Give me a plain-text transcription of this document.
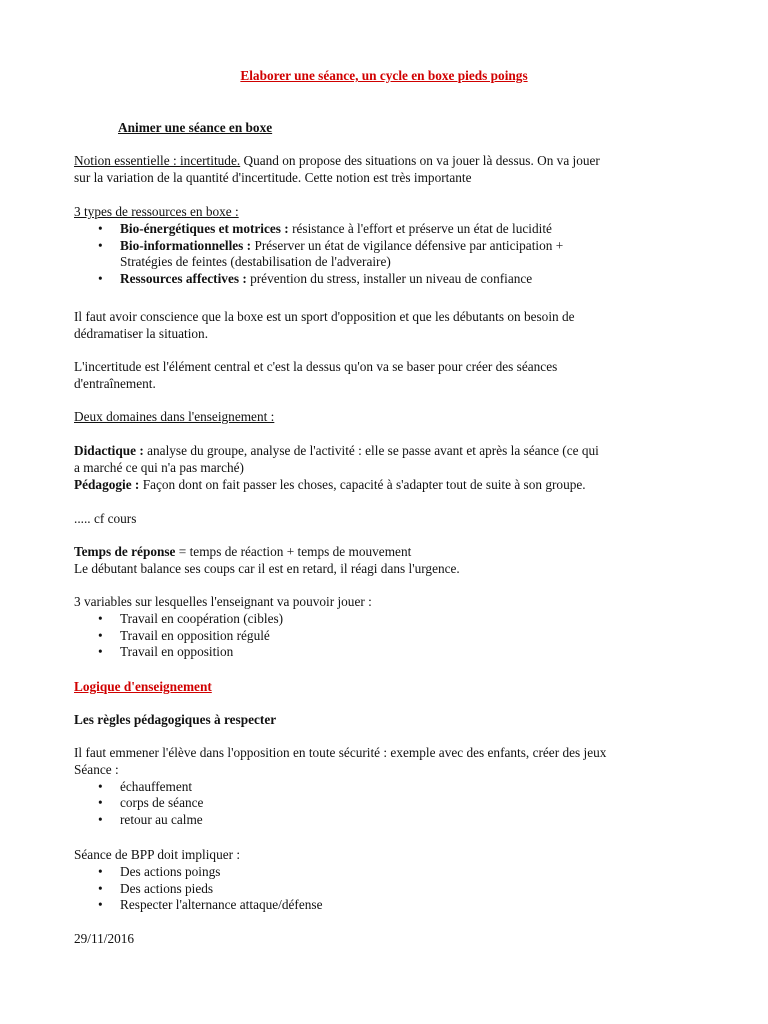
Elaborer une séance, un cycle en boxe pieds poings
Animer une séance en boxe
Notion essentielle : incertitude. Quand on propose des situations on va jouer là dessus. On va jouer
sur la variation de la quantité d'incertitude. Cette notion est très importante
3 types de ressources en boxe :
• Bio-énergétiques et motrices : résistance à l'effort et préserve un état de lucidité
• Bio-informationnelles : Préserver un état de vigilance défensive par anticipation +
Stratégies de feintes (destabilisation de l'adveraire)
• Ressources affectives : prévention du stress, installer un niveau de confiance
Il faut avoir conscience que la boxe est un sport d'opposition et que les débutants on besoin de
dédramatiser la situation.
L'incertitude est l'élément central et c'est la dessus qu'on va se baser pour créer des séances
d'entraînement.
Deux domaines dans l'enseignement :
Didactique : analyse du groupe, analyse de l'activité : elle se passe avant et après la séance (ce qui
a marché ce qui n'a pas marché)
Pédagogie : Façon dont on fait passer les choses, capacité à s'adapter tout de suite à son groupe.
..... cf cours
Temps de réponse = temps de réaction + temps de mouvement
Le débutant balance ses coups car il est en retard, il réagi dans l'urgence.
3 variables sur lesquelles l'enseignant va pouvoir jouer :
• Travail en coopération (cibles)
• Travail en opposition régulé
• Travail en opposition
Logique d'enseignement
Les règles pédagogiques à respecter
Il faut emmener l'élève dans l'opposition en toute sécurité : exemple avec des enfants, créer des jeux
Séance :
• échauffement
• corps de séance
• retour au calme
Séance de BPP doit impliquer :
• Des actions poings
• Des actions pieds
• Respecter l'alternance attaque/défense
29/11/2016
